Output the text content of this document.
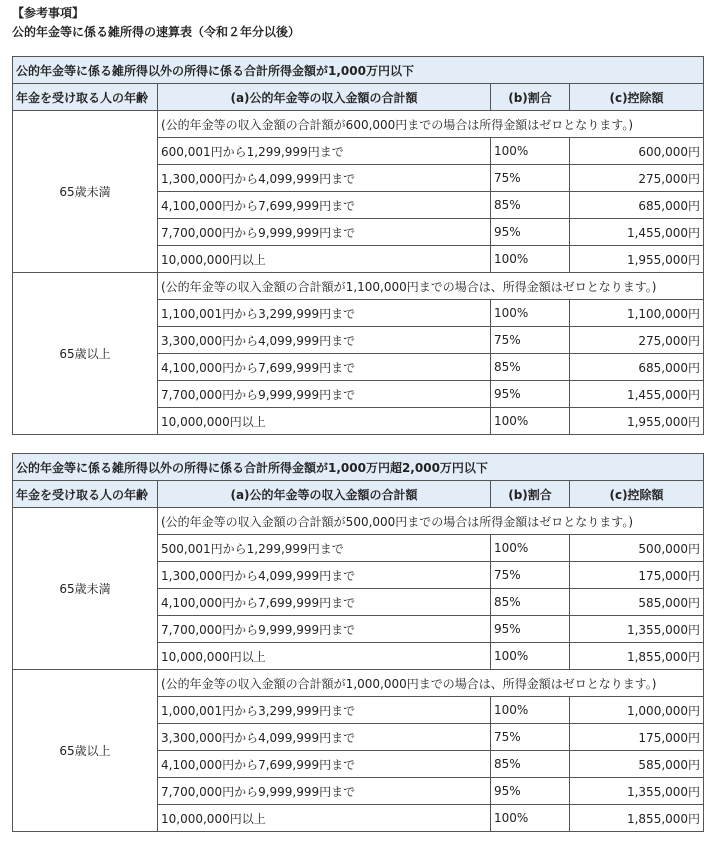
【参考事項】
公的年金等に係る雑所得の速算表（令和２年分以後）
公的年金等に係る雑所得以外の所得に係る合計所得金額が1,000万円以下			
年金を受け取る人の年齢	(a)公的年金等の収入金額の合計額	(b)割合	(c)控除額
65歳未満	(公的年金等の収入金額の合計額が600,000円までの場合は所得金額はゼロとなります。)		
	600,001円から1,299,999円まで	100%	600,000円
	1,300,000円から4,099,999円まで	75%	275,000円
	4,100,000円から7,699,999円まで	85%	685,000円
	7,700,000円から9,999,999円まで	95%	1,455,000円
	10,000,000円以上	100%	1,955,000円
65歳以上	(公的年金等の収入金額の合計額が1,100,000円までの場合は、所得金額はゼロとなります。)		
	1,100,001円から3,299,999円まで	100%	1,100,000円
	3,300,000円から4,099,999円まで	75%	275,000円
	4,100,000円から7,699,999円まで	85%	685,000円
	7,700,000円から9,999,999円まで	95%	1,455,000円
	10,000,000円以上	100%	1,955,000円
公的年金等に係る雑所得以外の所得に係る合計所得金額が1,000万円超2,000万円以下			
年金を受け取る人の年齢	(a)公的年金等の収入金額の合計額	(b)割合	(c)控除額
65歳未満	(公的年金等の収入金額の合計額が500,000円までの場合は所得金額はゼロとなります。)		
	500,001円から1,299,999円まで	100%	500,000円
	1,300,000円から4,099,999円まで	75%	175,000円
	4,100,000円から7,699,999円まで	85%	585,000円
	7,700,000円から9,999,999円まで	95%	1,355,000円
	10,000,000円以上	100%	1,855,000円
65歳以上	(公的年金等の収入金額の合計額が1,000,000円までの場合は、所得金額はゼロとなります。)		
	1,000,001円から3,299,999円まで	100%	1,000,000円
	3,300,000円から4,099,999円まで	75%	175,000円
	4,100,000円から7,699,999円まで	85%	585,000円
	7,700,000円から9,999,999円まで	95%	1,355,000円
	10,000,000円以上	100%	1,855,000円
